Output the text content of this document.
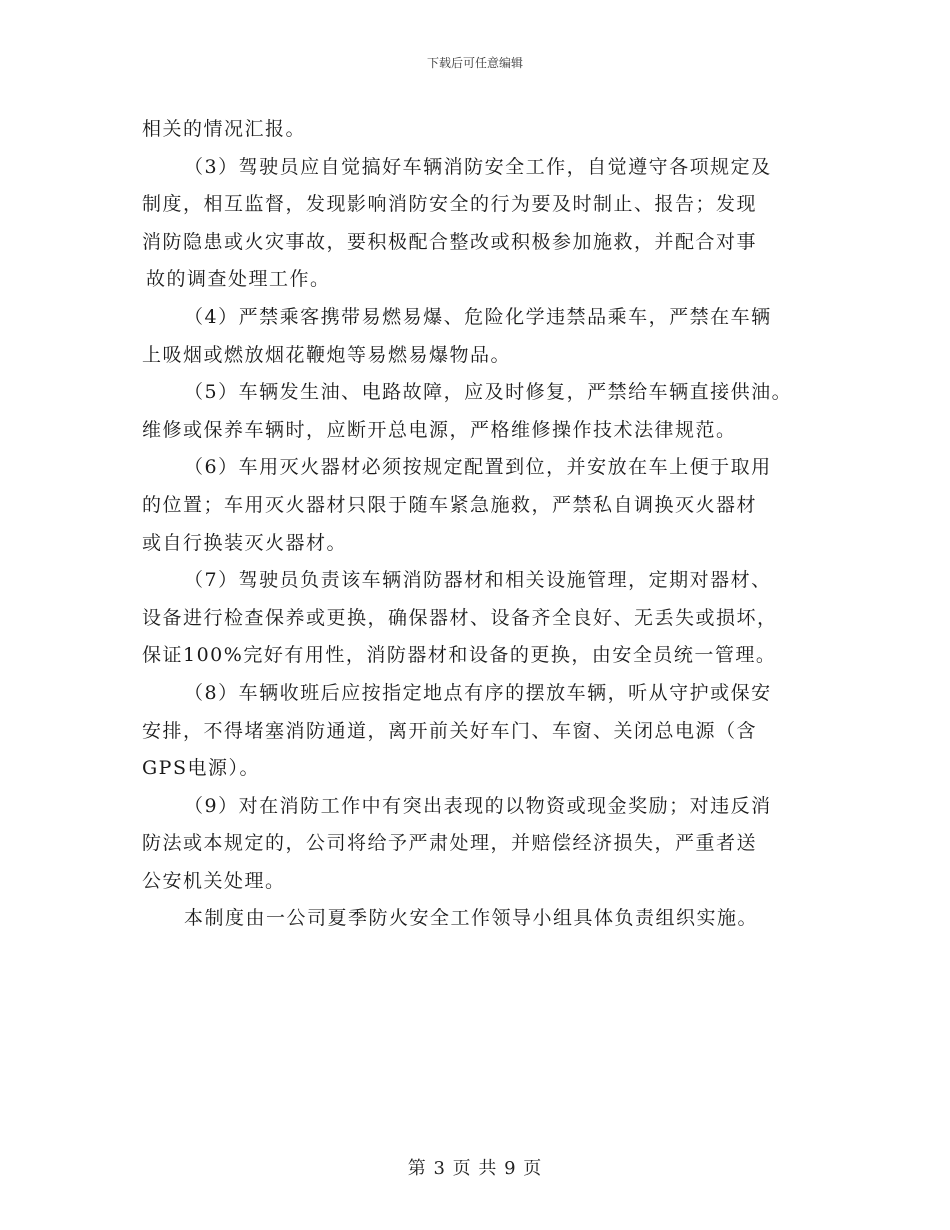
下载后可任意编辑
相关的情况汇报。
（3）驾驶员应自觉搞好车辆消防安全工作，自觉遵守各项规定及
制度，相互监督，发现影响消防安全的行为要及时制止、报告；发现
消防隐患或火灾事故，要积极配合整改或积极参加施救，并配合对事
故的调查处理工作。
（4）严禁乘客携带易燃易爆、危险化学违禁品乘车，严禁在车辆
上吸烟或燃放烟花鞭炮等易燃易爆物品。
（5）车辆发生油、电路故障，应及时修复，严禁给车辆直接供油。
维修或保养车辆时，应断开总电源，严格维修操作技术法律规范。
（6）车用灭火器材必须按规定配置到位，并安放在车上便于取用
的位置；车用灭火器材只限于随车紧急施救，严禁私自调换灭火器材
或自行换装灭火器材。
（7）驾驶员负责该车辆消防器材和相关设施管理，定期对器材、
设备进行检查保养或更换，确保器材、设备齐全良好、无丢失或损坏，
保证100%完好有用性，消防器材和设备的更换，由安全员统一管理。
（8）车辆收班后应按指定地点有序的摆放车辆，听从守护或保安
安排，不得堵塞消防通道，离开前关好车门、车窗、关闭总电源（含
GPS电源）。
（9）对在消防工作中有突出表现的以物资或现金奖励；对违反消
防法或本规定的，公司将给予严肃处理，并赔偿经济损失，严重者送
公安机关处理。
本制度由一公司夏季防火安全工作领导小组具体负责组织实施。
第 3 页 共 9 页
